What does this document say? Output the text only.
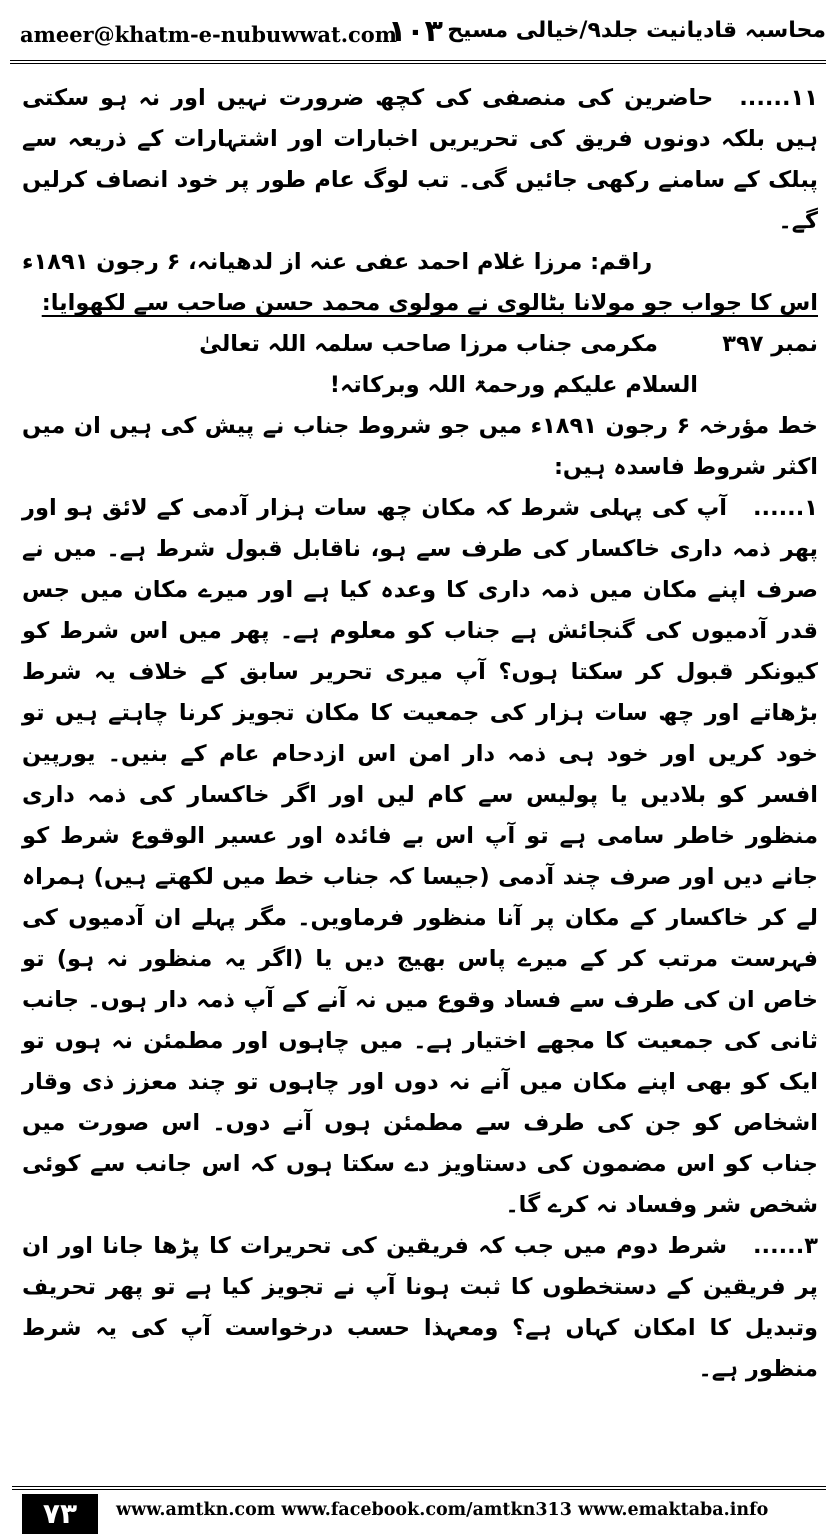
ameer@khatm-e-nubuwwat.com
۱۰۳ محاسبہ قادیانیت جلد۹/خیالی مسیح

۱۱......حاضرین کی منصفی کی کچھ ضرورت نہیں اور نہ ہو سکتی ہیں بلکہ دونوں فریق کی تحریریں اخبارات اور اشتہارات کے ذریعہ سے پبلک کے سامنے رکھی جائیں گی۔ تب لوگ عام طور پر خود انصاف کرلیں گے۔

راقم: مرزا غلام احمد عفی عنہ از لدھیانہ، ۶ رجون ۱۸۹۱ء

اس کا جواب جو مولانا بٹالوی نے مولوی محمد حسن صاحب سے لکھوایا:

نمبر ۳۹۷مکرمی جناب مرزا صاحب سلمہ اللہ تعالیٰ

السلام علیکم ورحمۃ اللہ وبرکاتہ!

خط مؤرخہ ۶ رجون ۱۸۹۱ء میں جو شروط جناب نے پیش کی ہیں ان میں اکثر شروط فاسدہ ہیں:

۱......آپ کی پہلی شرط کہ مکان چھ سات ہزار آدمی کے لائق ہو اور پھر ذمہ داری خاکسار کی طرف سے ہو، ناقابل قبول شرط ہے۔ میں نے صرف اپنے مکان میں ذمہ داری کا وعدہ کیا ہے اور میرے مکان میں جس قدر آدمیوں کی گنجائش ہے جناب کو معلوم ہے۔ پھر میں اس شرط کو کیونکر قبول کر سکتا ہوں؟ آپ میری تحریر سابق کے خلاف یہ شرط بڑھاتے اور چھ سات ہزار کی جمعیت کا مکان تجویز کرنا چاہتے ہیں تو خود کریں اور خود ہی ذمہ دار امن اس ازدحام عام کے بنیں۔ یورپین افسر کو بلادیں یا پولیس سے کام لیں اور اگر خاکسار کی ذمہ داری منظور خاطر سامی ہے تو آپ اس بے فائدہ اور عسیر الوقوع شرط کو جانے دیں اور صرف چند آدمی (جیسا کہ جناب خط میں لکھتے ہیں) ہمراہ لے کر خاکسار کے مکان پر آنا منظور فرماویں۔ مگر پہلے ان آدمیوں کی فہرست مرتب کر کے میرے پاس بھیج دیں یا (اگر یہ منظور نہ ہو) تو خاص ان کی طرف سے فساد وقوع میں نہ آنے کے آپ ذمہ دار ہوں۔ جانب ثانی کی جمعیت کا مجھے اختیار ہے۔ میں چاہوں اور مطمئن نہ ہوں تو ایک کو بھی اپنے مکان میں آنے نہ دوں اور چاہوں تو چند معزز ذی وقار اشخاص کو جن کی طرف سے مطمئن ہوں آنے دوں۔ اس صورت میں جناب کو اس مضمون کی دستاویز دے سکتا ہوں کہ اس جانب سے کوئی شخص شر وفساد نہ کرے گا۔

۳......شرط دوم میں جب کہ فریقین کی تحریرات کا پڑھا جانا اور ان پر فریقین کے دستخطوں کا ثبت ہونا آپ نے تجویز کیا ہے تو پھر تحریف وتبدیل کا امکان کہاں ہے؟ ومعہذا حسب درخواست آپ کی یہ شرط منظور ہے۔

۷۳	www.amtkn.com www.facebook.com/amtkn313 www.emaktaba.info
